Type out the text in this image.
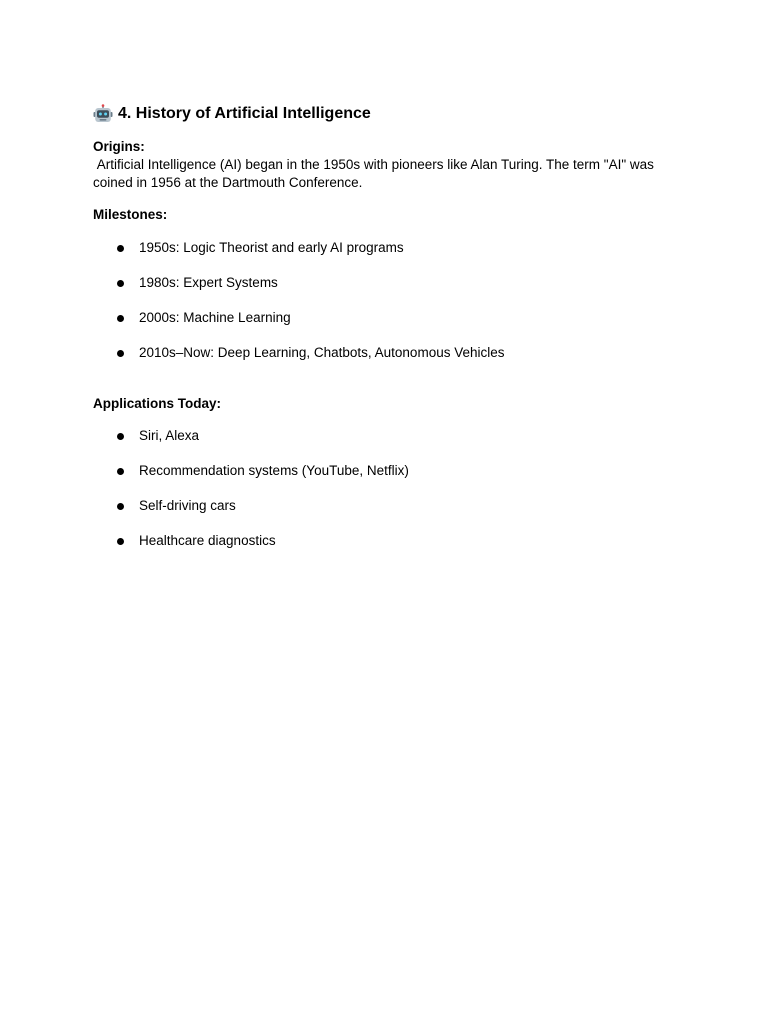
4. History of Artificial Intelligence

Origins:

Artificial Intelligence (AI) began in the 1950s with pioneers like Alan Turing. The term "AI" was coined in 1956 at the Dartmouth Conference.

Milestones:

1950s: Logic Theorist and early AI programs
1980s: Expert Systems
2000s: Machine Learning
2010s–Now: Deep Learning, Chatbots, Autonomous Vehicles

Applications Today:

Siri, Alexa
Recommendation systems (YouTube, Netflix)
Self-driving cars
Healthcare diagnostics
